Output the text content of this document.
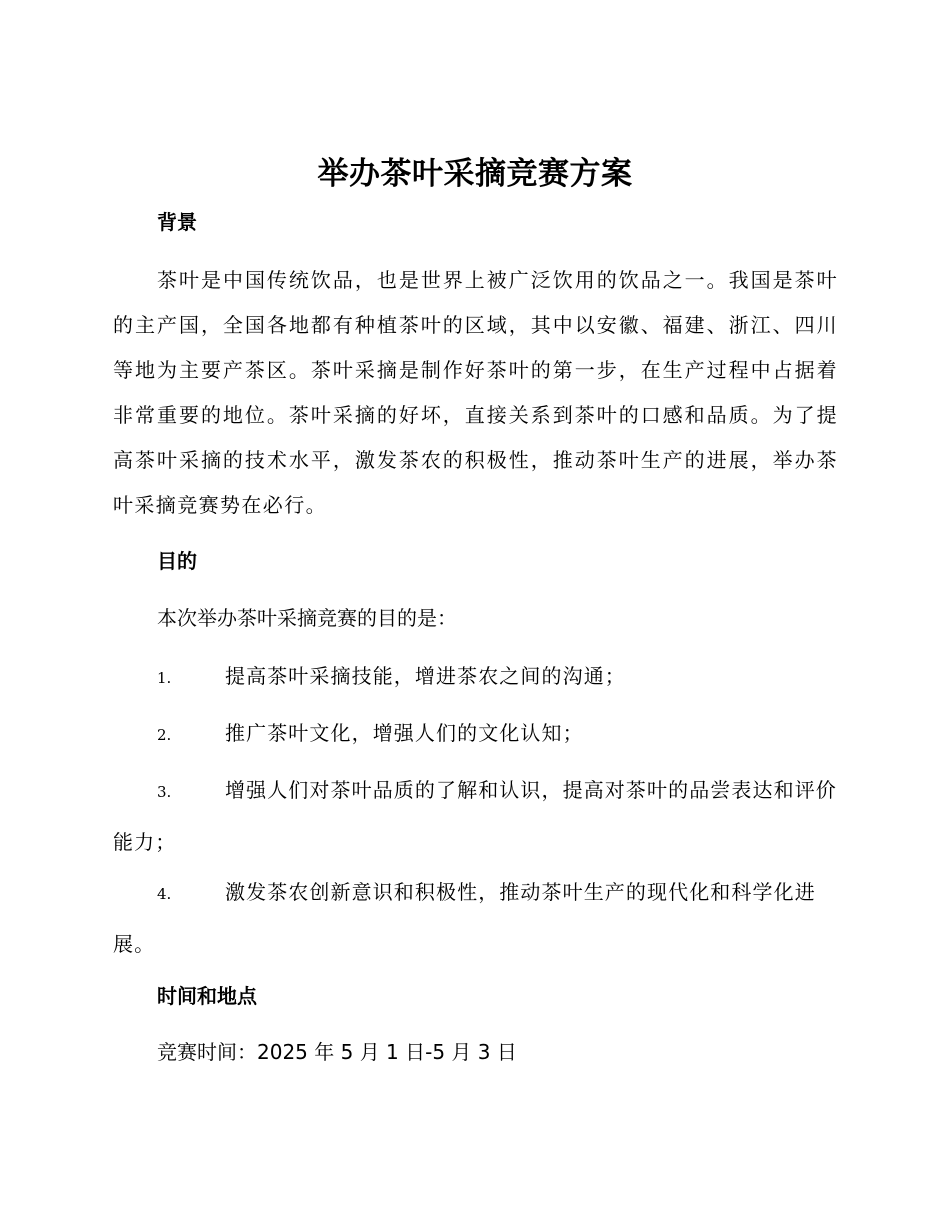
举办茶叶采摘竞赛方案
背景

茶叶是中国传统饮品，也是世界上被广泛饮用的饮品之一。我国是茶叶的主产国，全国各地都有种植茶叶的区域，其中以安徽、福建、浙江、四川等地为主要产茶区。茶叶采摘是制作好茶叶的第一步，在生产过程中占据着非常重要的地位。茶叶采摘的好坏，直接关系到茶叶的口感和品质。为了提高茶叶采摘的技术水平，激发茶农的积极性，推动茶叶生产的进展，举办茶叶采摘竞赛势在必行。

目的
本次举办茶叶采摘竞赛的目的是：

1.	提高茶叶采摘技能，增进茶农之间的沟通；

2.	推广茶叶文化，增强人们的文化认知；

3.	增强人们对茶叶品质的了解和认识，提高对茶叶的品尝表达和评价能力；

4.	激发茶农创新意识和积极性，推动茶叶生产的现代化和科学化进展。

时间和地点
竞赛时间：2025 年 5 月 1 日-5 月 3 日
